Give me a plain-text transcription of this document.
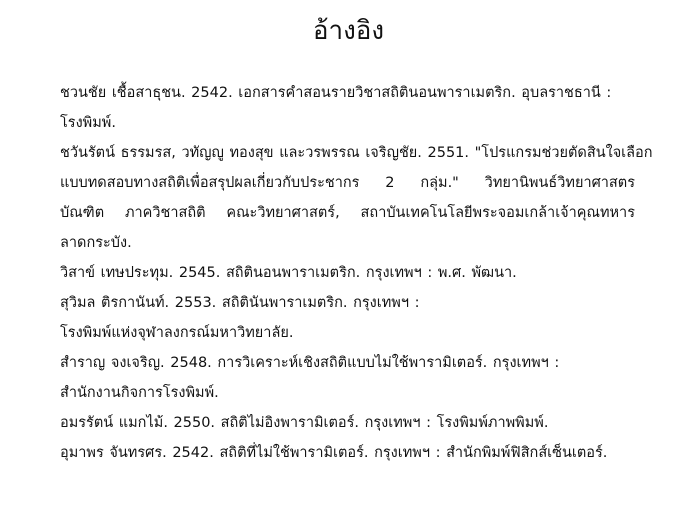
อ้างอิง

ชวนชัย เชื้อสาธุชน. 2542. เอกสารคำสอนรายวิชาสถิตินอนพาราเมตริก. อุบลราชธานี :
โรงพิมพ์.

ชวันรัตน์ ธรรมรส, วทัญญู ทองสุข และวรพรรณ เจริญชัย. 2551. "โปรแกรมช่วยตัดสินใจเลือก
แบบทดสอบทางสถิติเพื่อสรุปผลเกี่ยวกับประชากร 2 กลุ่ม." วิทยานิพนธ์วิทยาศาสตร
บัณฑิต ภาควิชาสถิติ คณะวิทยาศาสตร์, สถาบันเทคโนโลยีพระจอมเกล้าเจ้าคุณทหาร
ลาดกระบัง.

วิสาข์ เทษประทุม. 2545. สถิตินอนพาราเมตริก. กรุงเทพฯ : พ.ศ. พัฒนา.

สุวิมล ติรกานันท์. 2553. สถิตินันพาราเมตริก. กรุงเทพฯ :
โรงพิมพ์แห่งจุฬาลงกรณ์มหาวิทยาลัย.

สำราญ จงเจริญ. 2548. การวิเคราะห์เชิงสถิติแบบไม่ใช้พารามิเตอร์. กรุงเทพฯ :
สำนักงานกิจการโรงพิมพ์.

อมรรัตน์ แมกไม้. 2550. สถิติไม่อิงพารามิเตอร์. กรุงเทพฯ : โรงพิมพ์ภาพพิมพ์.

อุมาพร จันทรศร. 2542. สถิติที่ไม่ใช้พารามิเตอร์. กรุงเทพฯ : สำนักพิมพ์ฟิสิกส์เซ็นเตอร์.
